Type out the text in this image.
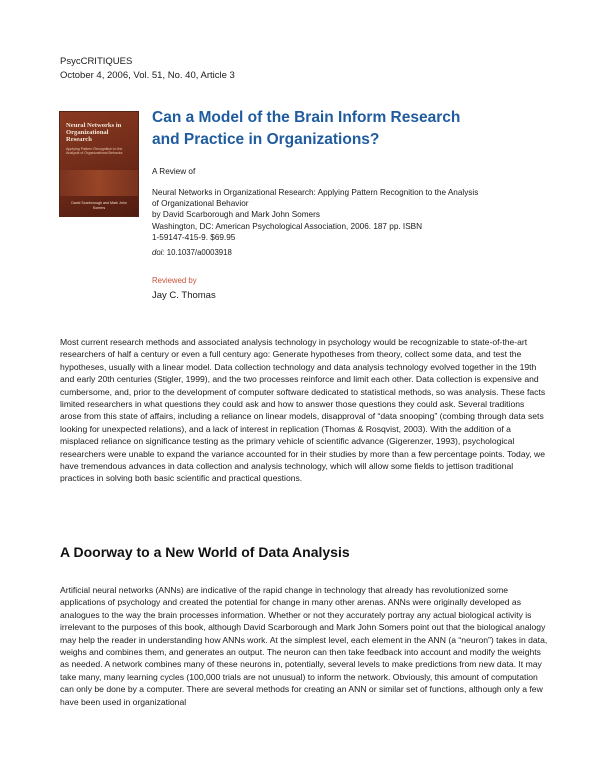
PsycCRITIQUES
October 4, 2006, Vol. 51, No. 40, Article 3
Neural Networks in Organizational Research
Applying Pattern Recognition to the Analysis of Organizational Behavior
David Scarborough and Mark John Somers
Can a Model of the Brain Inform Research and Practice in Organizations?
A Review of
Neural Networks in Organizational Research: Applying Pattern Recognition to the Analysis of Organizational Behavior
by David Scarborough and Mark John Somers
Washington, DC: American Psychological Association, 2006. 187 pp. ISBN
1-59147-415-9. $69.95
doi: 10.1037/a0003918
Reviewed by
Jay C. Thomas

Most current research methods and associated analysis technology in psychology would be recognizable to state-of-the-art researchers of half a century or even a full century ago: Generate hypotheses from theory, collect some data, and test the hypotheses, usually with a linear model. Data collection technology and data analysis technology evolved together in the 19th and early 20th centuries (Stigler, 1999), and the two processes reinforce and limit each other. Data collection is expensive and cumbersome, and, prior to the development of computer software dedicated to statistical methods, so was analysis. These facts limited researchers in what questions they could ask and how to answer those questions they could ask. Several traditions arose from this state of affairs, including a reliance on linear models, disapproval of “data snooping” (combing through data sets looking for unexpected relations), and a lack of interest in replication (Thomas & Rosqvist, 2003). With the addition of a misplaced reliance on significance testing as the primary vehicle of scientific advance (Gigerenzer, 1993), psychological researchers were unable to expand the variance accounted for in their studies by more than a few percentage points. Today, we have tremendous advances in data collection and analysis technology, which will allow some fields to jettison traditional practices in solving both basic scientific and practical questions.

A Doorway to a New World of Data Analysis

Artificial neural networks (ANNs) are indicative of the rapid change in technology that already has revolutionized some applications of psychology and created the potential for change in many other arenas. ANNs were originally developed as analogues to the way the brain processes information. Whether or not they accurately portray any actual biological activity is irrelevant to the purposes of this book, although David Scarborough and Mark John Somers point out that the biological analogy may help the reader in understanding how ANNs work. At the simplest level, each element in the ANN (a “neuron”) takes in data, weighs and combines them, and generates an output. The neuron can then take feedback into account and modify the weights as needed. A network combines many of these neurons in, potentially, several levels to make predictions from new data. It may take many, many learning cycles (100,000 trials are not unusual) to inform the network. Obviously, this amount of computation can only be done by a computer. There are several methods for creating an ANN or similar set of functions, although only a few have been used in organizational
